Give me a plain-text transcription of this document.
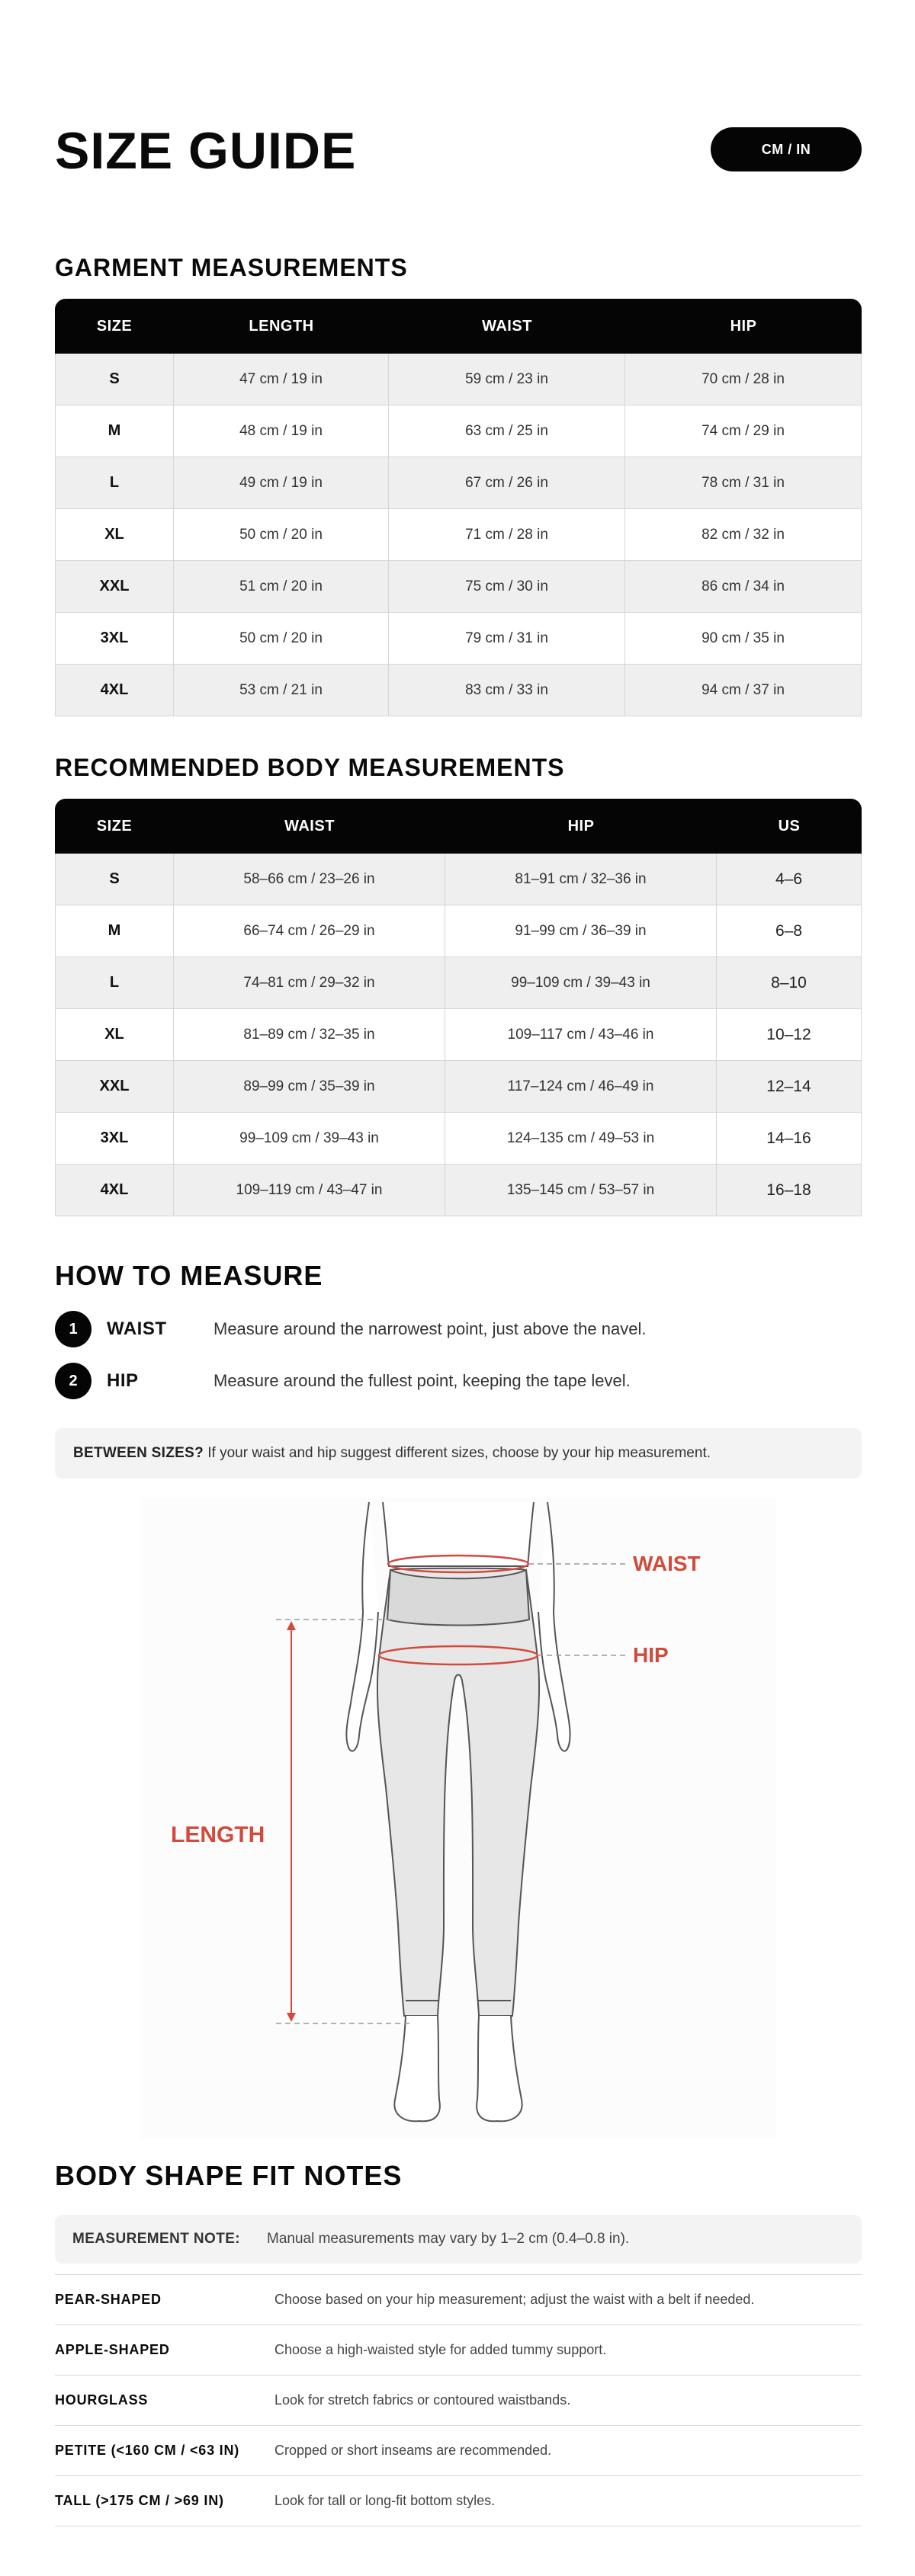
SIZE GUIDE	CM / IN
GARMENT MEASUREMENTS
SIZE	LENGTH	WAIST	HIP
S	47 cm / 19 in	59 cm / 23 in	70 cm / 28 in
M	48 cm / 19 in	63 cm / 25 in	74 cm / 29 in
L	49 cm / 19 in	67 cm / 26 in	78 cm / 31 in
XL	50 cm / 20 in	71 cm / 28 in	82 cm / 32 in
XXL	51 cm / 20 in	75 cm / 30 in	86 cm / 34 in
3XL	50 cm / 20 in	79 cm / 31 in	90 cm / 35 in
4XL	53 cm / 21 in	83 cm / 33 in	94 cm / 37 in
RECOMMENDED BODY MEASUREMENTS
SIZE	WAIST	HIP	US
S	58–66 cm / 23–26 in	81–91 cm / 32–36 in	4–6
M	66–74 cm / 26–29 in	91–99 cm / 36–39 in	6–8
L	74–81 cm / 29–32 in	99–109 cm / 39–43 in	8–10
XL	81–89 cm / 32–35 in	109–117 cm / 43–46 in	10–12
XXL	89–99 cm / 35–39 in	117–124 cm / 46–49 in	12–14
3XL	99–109 cm / 39–43 in	124–135 cm / 49–53 in	14–16
4XL	109–119 cm / 43–47 in	135–145 cm / 53–57 in	16–18
HOW TO MEASURE
1	WAIST	Measure around the narrowest point, just above the navel.
2	HIP	Measure around the fullest point, keeping the tape level.
BETWEEN SIZES? If your waist and hip suggest different sizes, choose by your hip measurement.
WAIST
HIP
LENGTH
BODY SHAPE FIT NOTES
MEASUREMENT NOTE: Manual measurements may vary by 1–2 cm (0.4–0.8 in).
PEAR-SHAPED	Choose based on your hip measurement; adjust the waist with a belt if needed.
APPLE-SHAPED	Choose a high-waisted style for added tummy support.
HOURGLASS	Look for stretch fabrics or contoured waistbands.
PETITE (<160 CM / <63 IN)	Cropped or short inseams are recommended.
TALL (>175 CM / >69 IN)	Look for tall or long-fit bottom styles.
